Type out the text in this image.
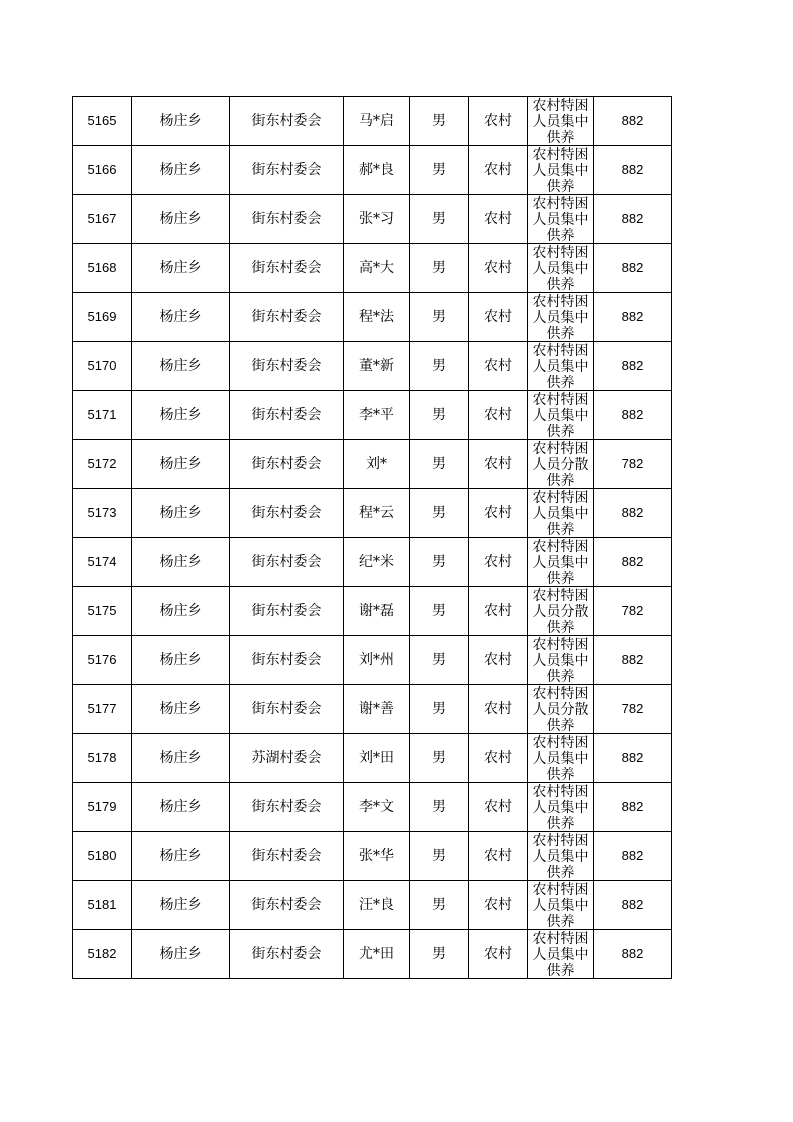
5165	杨庄乡	街东村委会	马*启	男	农村	农村特困人员集中供养	882
5166	杨庄乡	街东村委会	郝*良	男	农村	农村特困人员集中供养	882
5167	杨庄乡	街东村委会	张*习	男	农村	农村特困人员集中供养	882
5168	杨庄乡	街东村委会	高*大	男	农村	农村特困人员集中供养	882
5169	杨庄乡	街东村委会	程*法	男	农村	农村特困人员集中供养	882
5170	杨庄乡	街东村委会	董*新	男	农村	农村特困人员集中供养	882
5171	杨庄乡	街东村委会	李*平	男	农村	农村特困人员集中供养	882
5172	杨庄乡	街东村委会	刘*	男	农村	农村特困人员分散供养	782
5173	杨庄乡	街东村委会	程*云	男	农村	农村特困人员集中供养	882
5174	杨庄乡	街东村委会	纪*米	男	农村	农村特困人员集中供养	882
5175	杨庄乡	街东村委会	谢*磊	男	农村	农村特困人员分散供养	782
5176	杨庄乡	街东村委会	刘*州	男	农村	农村特困人员集中供养	882
5177	杨庄乡	街东村委会	谢*善	男	农村	农村特困人员分散供养	782
5178	杨庄乡	苏湖村委会	刘*田	男	农村	农村特困人员集中供养	882
5179	杨庄乡	街东村委会	李*文	男	农村	农村特困人员集中供养	882
5180	杨庄乡	街东村委会	张*华	男	农村	农村特困人员集中供养	882
5181	杨庄乡	街东村委会	汪*良	男	农村	农村特困人员集中供养	882
5182	杨庄乡	街东村委会	尤*田	男	农村	农村特困人员集中供养	882
